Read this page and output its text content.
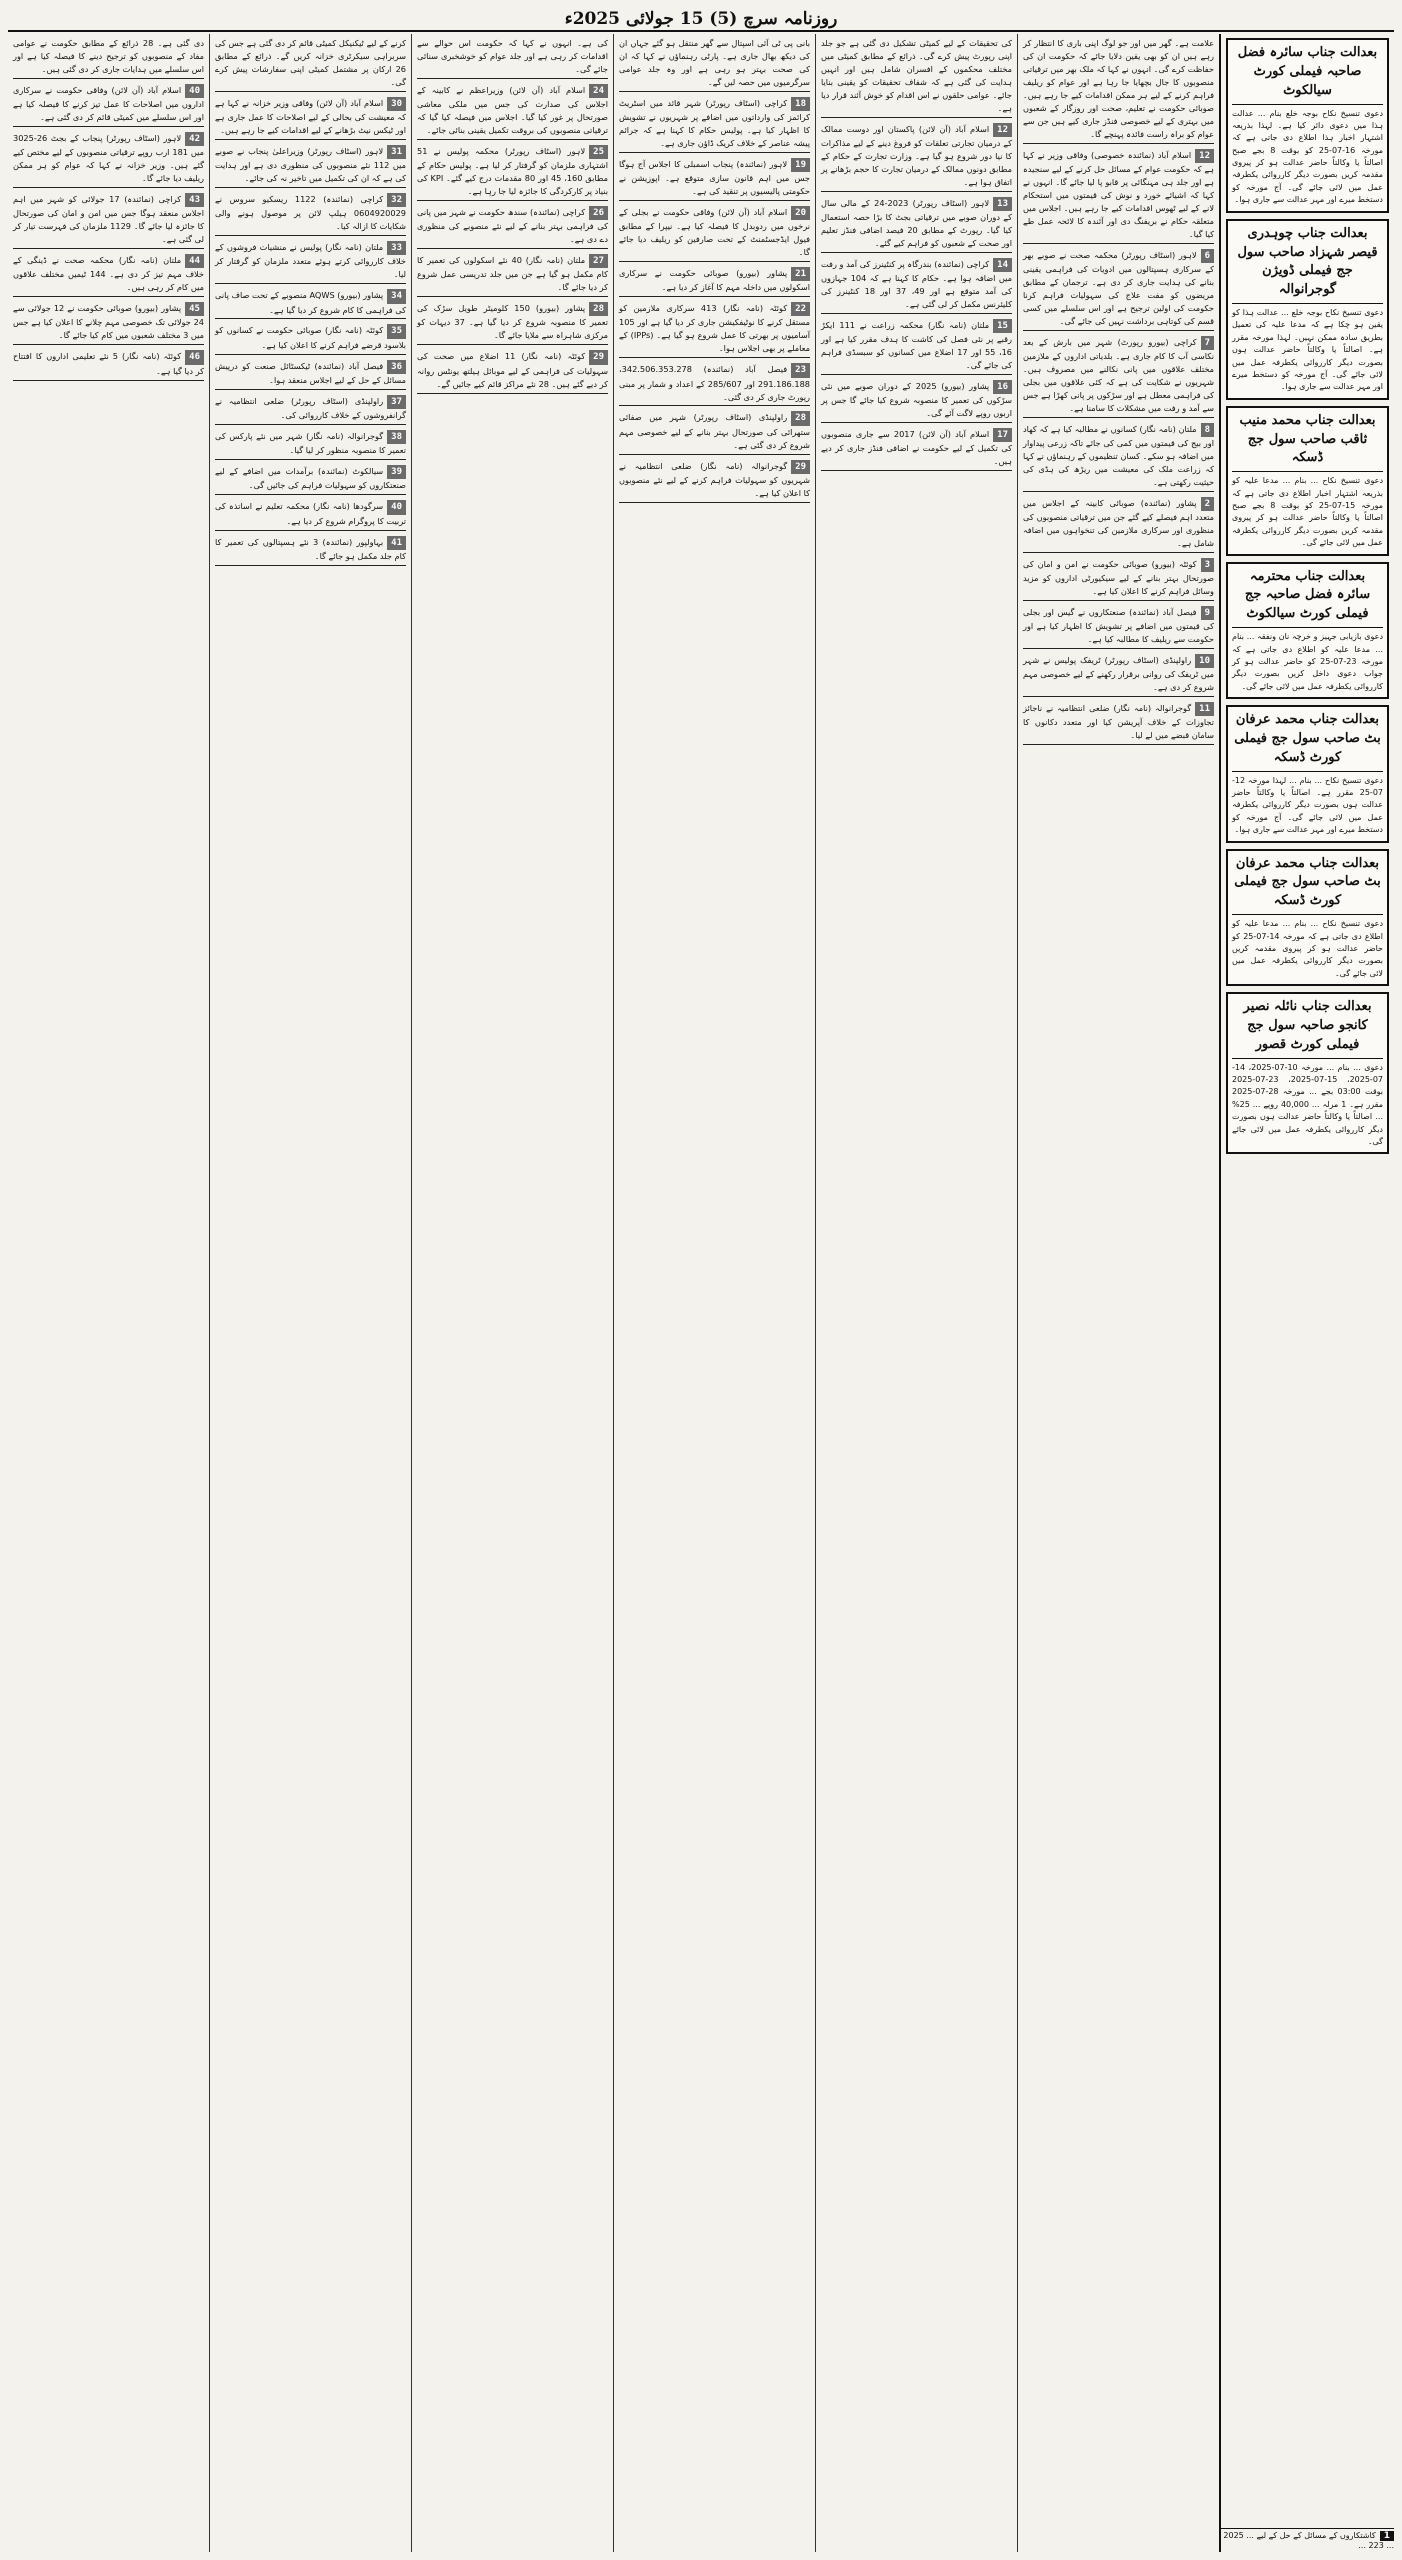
روزنامہ سرچ (5) 15 جولائی 2025ء
بعدالت جناب سائرہ فضل صاحبہ فیملی کورٹ سیالکوٹ
دعوی تنسیخ نکاح بوجہ خلع بنام ... عدالت ہذا میں دعوی دائر کیا ہے۔ لہذا بذریعہ اشتہار اخبار ہذا اطلاع دی جاتی ہے کہ مورخہ 16-07-25 کو بوقت 8 بجے صبح اصالتاً یا وکالتاً حاضر عدالت ہو کر پیروی مقدمہ کریں بصورت دیگر کارروائی یکطرفہ عمل میں لائی جائے گی۔ آج مورخہ کو دستخط میرے اور مہر عدالت سے جاری ہوا۔
بعدالت جناب چوہدری قیصر شہزاد صاحب سول جج فیملی ڈویژن گوجرانوالہ
دعوی تنسیخ نکاح بوجہ خلع ... عدالت ہذا کو یقین ہو چکا ہے کہ مدعا علیہ کی تعمیل بطریق سادہ ممکن نہیں۔ لہذا مورخہ مقرر ہے۔ اصالتاً یا وکالتاً حاضر عدالت ہوں بصورت دیگر کارروائی یکطرفہ عمل میں لائی جائے گی۔ آج مورخہ کو دستخط میرے اور مہر عدالت سے جاری ہوا۔
بعدالت جناب محمد منیب ثاقب صاحب سول جج ڈسکہ
دعوی تنسیخ نکاح ... بنام ... مدعا علیہ کو بذریعہ اشتہار اخبار اطلاع دی جاتی ہے کہ مورخہ 15-07-25 کو بوقت 8 بجے صبح اصالتاً یا وکالتاً حاضر عدالت ہو کر پیروی مقدمہ کریں بصورت دیگر کارروائی یکطرفہ عمل میں لائی جائے گی۔
بعدالت جناب محترمہ سائرہ فضل صاحبہ جج فیملی کورٹ سیالکوٹ
دعوی بازیابی جہیز و خرچہ نان ونفقہ ... بنام ... مدعا علیہ کو اطلاع دی جاتی ہے کہ مورخہ 23-07-25 کو حاضر عدالت ہو کر جواب دعوی داخل کریں بصورت دیگر کارروائی یکطرفہ عمل میں لائی جائے گی۔
بعدالت جناب محمد عرفان بٹ صاحب سول جج فیملی کورٹ ڈسکہ
دعوی تنسیخ نکاح ... بنام ... لہذا مورخہ 12-07-25 مقرر ہے۔ اصالتاً یا وکالتاً حاضر عدالت ہوں بصورت دیگر کارروائی یکطرفہ عمل میں لائی جائے گی۔ آج مورخہ کو دستخط میرے اور مہر عدالت سے جاری ہوا۔
بعدالت جناب محمد عرفان بٹ صاحب سول جج فیملی کورٹ ڈسکہ
دعوی تنسیخ نکاح ... بنام ... مدعا علیہ کو اطلاع دی جاتی ہے کہ مورخہ 14-07-25 کو حاضر عدالت ہو کر پیروی مقدمہ کریں بصورت دیگر کارروائی یکطرفہ عمل میں لائی جائے گی۔
بعدالت جناب نائلہ نصیر کانجو صاحبہ سول جج فیملی کورٹ قصور
دعوی ... بنام ... مورخہ 10-07-2025، 14-07-2025، 15-07-2025، 23-07-2025 بوقت 03:00 بجے ... مورخہ 28-07-2025 مقرر ہے۔ 1 مرلہ ... 40,000 روپے ... 25% ... اصالتاً یا وکالتاً حاضر عدالت ہوں بصورت دیگر کارروائی یکطرفہ عمل میں لائی جائے گی۔
1کاشتکاروں کے مسائل کے حل کے لیے ... 2025 ... 223 ...
علامت ہے۔ گھر میں اور جو لوگ اپنی باری کا انتظار کر رہے ہیں ان کو بھی یقین دلایا جائے کہ حکومت ان کی حفاظت کرے گی۔ انہوں نے کہا کہ ملک بھر میں ترقیاتی منصوبوں کا جال بچھایا جا رہا ہے اور عوام کو ریلیف فراہم کرنے کے لیے ہر ممکن اقدامات کیے جا رہے ہیں۔ صوبائی حکومت نے تعلیم، صحت اور روزگار کے شعبوں میں بہتری کے لیے خصوصی فنڈز جاری کیے ہیں جن سے عوام کو براہ راست فائدہ پہنچے گا۔
12اسلام آباد (نمائندہ خصوصی) وفاقی وزیر نے کہا ہے کہ حکومت عوام کے مسائل حل کرنے کے لیے سنجیدہ ہے اور جلد ہی مہنگائی پر قابو پا لیا جائے گا۔ انہوں نے کہا کہ اشیائے خورد و نوش کی قیمتوں میں استحکام لانے کے لیے ٹھوس اقدامات کیے جا رہے ہیں۔ اجلاس میں متعلقہ حکام نے بریفنگ دی اور آئندہ کا لائحہ عمل طے کیا گیا۔
6لاہور (اسٹاف رپورٹر) محکمہ صحت نے صوبے بھر کے سرکاری ہسپتالوں میں ادویات کی فراہمی یقینی بنانے کی ہدایت جاری کر دی ہے۔ ترجمان کے مطابق مریضوں کو مفت علاج کی سہولیات فراہم کرنا حکومت کی اولین ترجیح ہے اور اس سلسلے میں کسی قسم کی کوتاہی برداشت نہیں کی جائے گی۔
7کراچی (بیورو رپورٹ) شہر میں بارش کے بعد نکاسی آب کا کام جاری ہے۔ بلدیاتی اداروں کے ملازمین مختلف علاقوں میں پانی نکالنے میں مصروف ہیں۔ شہریوں نے شکایت کی ہے کہ کئی علاقوں میں بجلی کی فراہمی معطل ہے اور سڑکوں پر پانی کھڑا ہے جس سے آمد و رفت میں مشکلات کا سامنا ہے۔
8ملتان (نامہ نگار) کسانوں نے مطالبہ کیا ہے کہ کھاد اور بیج کی قیمتوں میں کمی کی جائے تاکہ زرعی پیداوار میں اضافہ ہو سکے۔ کسان تنظیموں کے رہنماؤں نے کہا کہ زراعت ملک کی معیشت میں ریڑھ کی ہڈی کی حیثیت رکھتی ہے۔
2پشاور (نمائندہ) صوبائی کابینہ کے اجلاس میں متعدد اہم فیصلے کیے گئے جن میں ترقیاتی منصوبوں کی منظوری اور سرکاری ملازمین کی تنخواہوں میں اضافہ شامل ہے۔
3کوئٹہ (بیورو) صوبائی حکومت نے امن و امان کی صورتحال بہتر بنانے کے لیے سیکیورٹی اداروں کو مزید وسائل فراہم کرنے کا اعلان کیا ہے۔
9فیصل آباد (نمائندہ) صنعتکاروں نے گیس اور بجلی کی قیمتوں میں اضافے پر تشویش کا اظہار کیا ہے اور حکومت سے ریلیف کا مطالبہ کیا ہے۔
10راولپنڈی (اسٹاف رپورٹر) ٹریفک پولیس نے شہر میں ٹریفک کی روانی برقرار رکھنے کے لیے خصوصی مہم شروع کر دی ہے۔
11گوجرانوالہ (نامہ نگار) ضلعی انتظامیہ نے ناجائز تجاوزات کے خلاف آپریشن کیا اور متعدد دکانوں کا سامان قبضے میں لے لیا۔
کی تحقیقات کے لیے کمیٹی تشکیل دی گئی ہے جو جلد اپنی رپورٹ پیش کرے گی۔ ذرائع کے مطابق کمیٹی میں مختلف محکموں کے افسران شامل ہیں اور انہیں ہدایت کی گئی ہے کہ شفاف تحقیقات کو یقینی بنایا جائے۔ عوامی حلقوں نے اس اقدام کو خوش آئند قرار دیا ہے۔
12اسلام آباد (آن لائن) پاکستان اور دوست ممالک کے درمیان تجارتی تعلقات کو فروغ دینے کے لیے مذاکرات کا نیا دور شروع ہو گیا ہے۔ وزارت تجارت کے حکام کے مطابق دونوں ممالک کے درمیان تجارت کا حجم بڑھانے پر اتفاق ہوا ہے۔
13لاہور (اسٹاف رپورٹر) 2023-24 کے مالی سال کے دوران صوبے میں ترقیاتی بجٹ کا بڑا حصہ استعمال کیا گیا۔ رپورٹ کے مطابق 20 فیصد اضافی فنڈز تعلیم اور صحت کے شعبوں کو فراہم کیے گئے۔
14کراچی (نمائندہ) بندرگاہ پر کنٹینرز کی آمد و رفت میں اضافہ ہوا ہے۔ حکام کا کہنا ہے کہ 104 جہازوں کی آمد متوقع ہے اور 49، 37 اور 18 کنٹینرز کی کلیئرنس مکمل کر لی گئی ہے۔
15ملتان (نامہ نگار) محکمہ زراعت نے 111 ایکڑ رقبے پر نئی فصل کی کاشت کا ہدف مقرر کیا ہے اور 16، 55 اور 17 اضلاع میں کسانوں کو سبسڈی فراہم کی جائے گی۔
16پشاور (بیورو) 2025 کے دوران صوبے میں نئی سڑکوں کی تعمیر کا منصوبہ شروع کیا جائے گا جس پر اربوں روپے لاگت آئے گی۔
17اسلام آباد (آن لائن) 2017 سے جاری منصوبوں کی تکمیل کے لیے حکومت نے اضافی فنڈز جاری کر دیے ہیں۔
بانی پی ٹی آئی اسپتال سے گھر منتقل ہو گئے جہاں ان کی دیکھ بھال جاری ہے۔ پارٹی رہنماؤں نے کہا کہ ان کی صحت بہتر ہو رہی ہے اور وہ جلد عوامی سرگرمیوں میں حصہ لیں گے۔
18کراچی (اسٹاف رپورٹر) شہر قائد میں اسٹریٹ کرائمز کی وارداتوں میں اضافے پر شہریوں نے تشویش کا اظہار کیا ہے۔ پولیس حکام کا کہنا ہے کہ جرائم پیشہ عناصر کے خلاف کریک ڈاؤن جاری ہے۔
19لاہور (نمائندہ) پنجاب اسمبلی کا اجلاس آج ہوگا جس میں اہم قانون سازی متوقع ہے۔ اپوزیشن نے حکومتی پالیسیوں پر تنقید کی ہے۔
20اسلام آباد (آن لائن) وفاقی حکومت نے بجلی کے نرخوں میں ردوبدل کا فیصلہ کیا ہے۔ نیپرا کے مطابق فیول ایڈجسٹمنٹ کے تحت صارفین کو ریلیف دیا جائے گا۔
21پشاور (بیورو) صوبائی حکومت نے سرکاری اسکولوں میں داخلہ مہم کا آغاز کر دیا ہے۔
22کوئٹہ (نامہ نگار) 413 سرکاری ملازمین کو مستقل کرنے کا نوٹیفکیشن جاری کر دیا گیا ہے اور 105 آسامیوں پر بھرتی کا عمل شروع ہو گیا ہے۔ (IPPs) کے معاملے پر بھی اجلاس ہوا۔
23فیصل آباد (نمائندہ) 342.506.353.278، 291.186.188 اور 285/607 کے اعداد و شمار پر مبنی رپورٹ جاری کر دی گئی۔
28راولپنڈی (اسٹاف رپورٹر) شہر میں صفائی ستھرائی کی صورتحال بہتر بنانے کے لیے خصوصی مہم شروع کر دی گئی ہے۔
29گوجرانوالہ (نامہ نگار) ضلعی انتظامیہ نے شہریوں کو سہولیات فراہم کرنے کے لیے نئے منصوبوں کا اعلان کیا ہے۔
کی ہے۔ انہوں نے کہا کہ حکومت اس حوالے سے اقدامات کر رہی ہے اور جلد عوام کو خوشخبری سنائی جائے گی۔
24اسلام آباد (آن لائن) وزیراعظم نے کابینہ کے اجلاس کی صدارت کی جس میں ملکی معاشی صورتحال پر غور کیا گیا۔ اجلاس میں فیصلہ کیا گیا کہ ترقیاتی منصوبوں کی بروقت تکمیل یقینی بنائی جائے۔
25لاہور (اسٹاف رپورٹر) محکمہ پولیس نے 51 اشتہاری ملزمان کو گرفتار کر لیا ہے۔ پولیس حکام کے مطابق 160، 45 اور 80 مقدمات درج کیے گئے۔ KPI کی بنیاد پر کارکردگی کا جائزہ لیا جا رہا ہے۔
26کراچی (نمائندہ) سندھ حکومت نے شہر میں پانی کی فراہمی بہتر بنانے کے لیے نئے منصوبے کی منظوری دے دی ہے۔
27ملتان (نامہ نگار) 40 نئے اسکولوں کی تعمیر کا کام مکمل ہو گیا ہے جن میں جلد تدریسی عمل شروع کر دیا جائے گا۔
28پشاور (بیورو) 150 کلومیٹر طویل سڑک کی تعمیر کا منصوبہ شروع کر دیا گیا ہے۔ 37 دیہات کو مرکزی شاہراہ سے ملایا جائے گا۔
29کوئٹہ (نامہ نگار) 11 اضلاع میں صحت کی سہولیات کی فراہمی کے لیے موبائل ہیلتھ یونٹس روانہ کر دیے گئے ہیں۔ 28 نئے مراکز قائم کیے جائیں گے۔
کرنے کے لیے ٹیکنیکل کمیٹی قائم کر دی گئی ہے جس کی سربراہی سیکرٹری خزانہ کریں گے۔ ذرائع کے مطابق 26 ارکان پر مشتمل کمیٹی اپنی سفارشات پیش کرے گی۔
30اسلام آباد (آن لائن) وفاقی وزیر خزانہ نے کہا ہے کہ معیشت کی بحالی کے لیے اصلاحات کا عمل جاری ہے اور ٹیکس نیٹ بڑھانے کے لیے اقدامات کیے جا رہے ہیں۔
31لاہور (اسٹاف رپورٹر) وزیراعلیٰ پنجاب نے صوبے میں 112 نئے منصوبوں کی منظوری دی ہے اور ہدایت کی ہے کہ ان کی تکمیل میں تاخیر نہ کی جائے۔
32کراچی (نمائندہ) 1122 ریسکیو سروس نے 0604920029 ہیلپ لائن پر موصول ہونے والی شکایات کا ازالہ کیا۔
33ملتان (نامہ نگار) پولیس نے منشیات فروشوں کے خلاف کارروائی کرتے ہوئے متعدد ملزمان کو گرفتار کر لیا۔
34پشاور (بیورو) AQWS منصوبے کے تحت صاف پانی کی فراہمی کا کام شروع کر دیا گیا ہے۔
35کوئٹہ (نامہ نگار) صوبائی حکومت نے کسانوں کو بلاسود قرضے فراہم کرنے کا اعلان کیا ہے۔
36فیصل آباد (نمائندہ) ٹیکسٹائل صنعت کو درپیش مسائل کے حل کے لیے اجلاس منعقد ہوا۔
37راولپنڈی (اسٹاف رپورٹر) ضلعی انتظامیہ نے گرانفروشوں کے خلاف کارروائی کی۔
38گوجرانوالہ (نامہ نگار) شہر میں نئے پارکس کی تعمیر کا منصوبہ منظور کر لیا گیا۔
39سیالکوٹ (نمائندہ) برآمدات میں اضافے کے لیے صنعتکاروں کو سہولیات فراہم کی جائیں گی۔
40سرگودھا (نامہ نگار) محکمہ تعلیم نے اساتذہ کی تربیت کا پروگرام شروع کر دیا ہے۔
41بہاولپور (نمائندہ) 3 نئے ہسپتالوں کی تعمیر کا کام جلد مکمل ہو جائے گا۔
دی گئی ہے۔ 28 ذرائع کے مطابق حکومت نے عوامی مفاد کے منصوبوں کو ترجیح دینے کا فیصلہ کیا ہے اور اس سلسلے میں ہدایات جاری کر دی گئی ہیں۔
40اسلام آباد (آن لائن) وفاقی حکومت نے سرکاری اداروں میں اصلاحات کا عمل تیز کرنے کا فیصلہ کیا ہے اور اس سلسلے میں کمیٹی قائم کر دی گئی ہے۔
42لاہور (اسٹاف رپورٹر) پنجاب کے بجٹ 26-3025 میں 181 ارب روپے ترقیاتی منصوبوں کے لیے مختص کیے گئے ہیں۔ وزیر خزانہ نے کہا کہ عوام کو ہر ممکن ریلیف دیا جائے گا۔
43کراچی (نمائندہ) 17 جولائی کو شہر میں اہم اجلاس منعقد ہوگا جس میں امن و امان کی صورتحال کا جائزہ لیا جائے گا۔ 1129 ملزمان کی فہرست تیار کر لی گئی ہے۔
44ملتان (نامہ نگار) محکمہ صحت نے ڈینگی کے خلاف مہم تیز کر دی ہے۔ 144 ٹیمیں مختلف علاقوں میں کام کر رہی ہیں۔
45پشاور (بیورو) صوبائی حکومت نے 12 جولائی سے 24 جولائی تک خصوصی مہم چلانے کا اعلان کیا ہے جس میں 3 مختلف شعبوں میں کام کیا جائے گا۔
46کوئٹہ (نامہ نگار) 5 نئے تعلیمی اداروں کا افتتاح کر دیا گیا ہے۔
